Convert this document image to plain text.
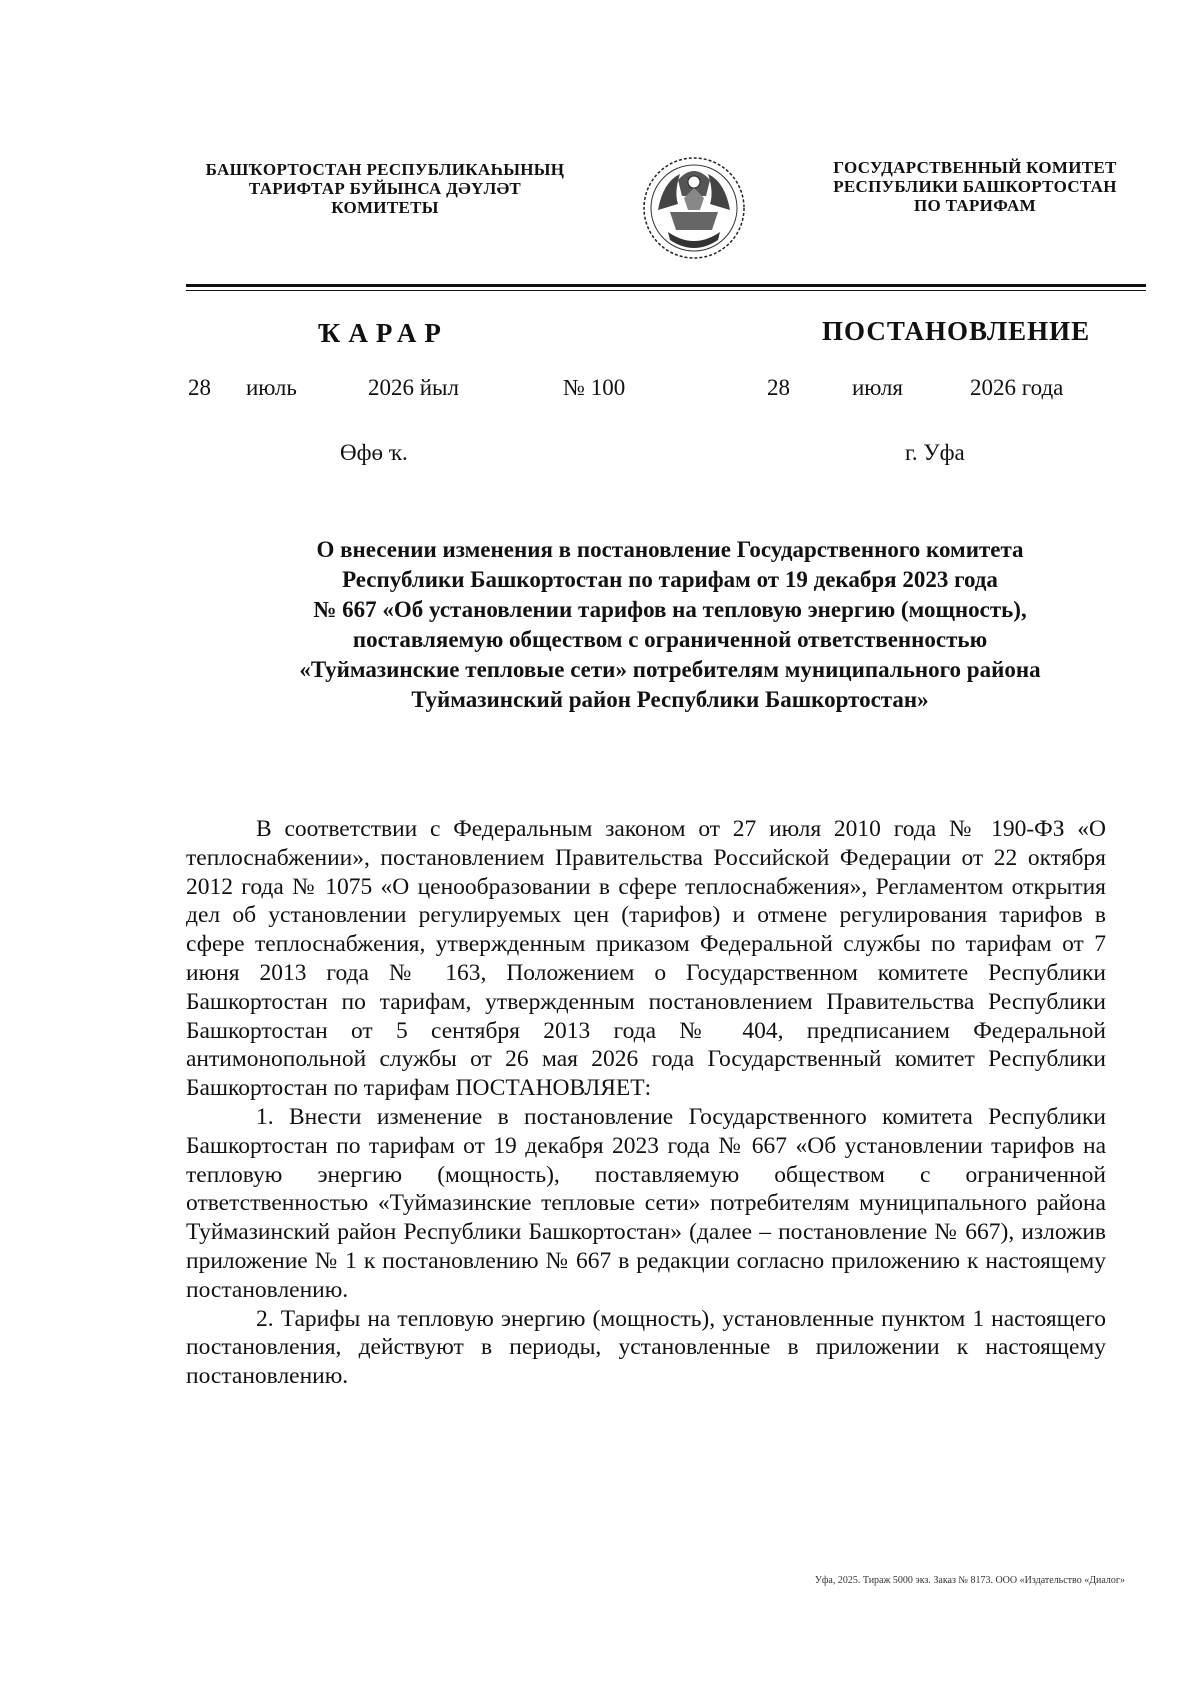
БАШҠОРТОСТАН РЕСПУБЛИКАҺЫНЫҢ
ТАРИФТАР БУЙЫНСА ДӘҮЛӘТ
КОМИТЕТЫ
ГОСУДАРСТВЕННЫЙ КОМИТЕТ
РЕСПУБЛИКИ БАШКОРТОСТАН
ПО ТАРИФАМ
ҠАРАР	ПОСТАНОВЛЕНИЕ
28 июль	2026 йыл	№ 100	28	июля	2026 года
Өфө ҡ.	г. Уфа
О внесении изменения в постановление Государственного комитета
Республики Башкортостан по тарифам от 19 декабря 2023 года
№ 667 «Об установлении тарифов на тепловую энергию (мощность),
поставляемую обществом с ограниченной ответственностью
«Туймазинские тепловые сети» потребителям муниципального района
Туймазинский район Республики Башкортостан»

В соответствии с Федеральным законом от 27 июля 2010 года № 190-ФЗ «О теплоснабжении», постановлением Правительства Российской Федерации от 22 октября 2012 года № 1075 «О ценообразовании в сфере теплоснабжения», Регламентом открытия дел об установлении регулируемых цен (тарифов) и отмене регулирования тарифов в сфере теплоснабжения, утвержденным приказом Федеральной службы по тарифам от 7 июня 2013 года № 163, Положением о Государственном комитете Республики Башкортостан по тарифам, утвержденным постановлением Правительства Республики Башкортостан от 5 сентября 2013 года № 404, предписанием Федеральной антимонопольной службы от 26 мая 2026 года Государственный комитет Республики Башкортостан по тарифам ПОСТАНОВЛЯЕТ:

1. Внести изменение в постановление Государственного комитета Республики Башкортостан по тарифам от 19 декабря 2023 года № 667 «Об установлении тарифов на тепловую энергию (мощность), поставляемую обществом с ограниченной ответственностью «Туймазинские тепловые сети» потребителям муниципального района Туймазинский район Республики Башкортостан» (далее – постановление № 667), изложив приложение № 1 к постановлению № 667 в редакции согласно приложению к настоящему постановлению.

2. Тарифы на тепловую энергию (мощность), установленные пунктом 1 настоящего постановления, действуют в периоды, установленные в приложении к настоящему постановлению.

Уфа, 2025. Тираж 5000 экз. Заказ № 8173. ООО «Издательство «Диалог»
